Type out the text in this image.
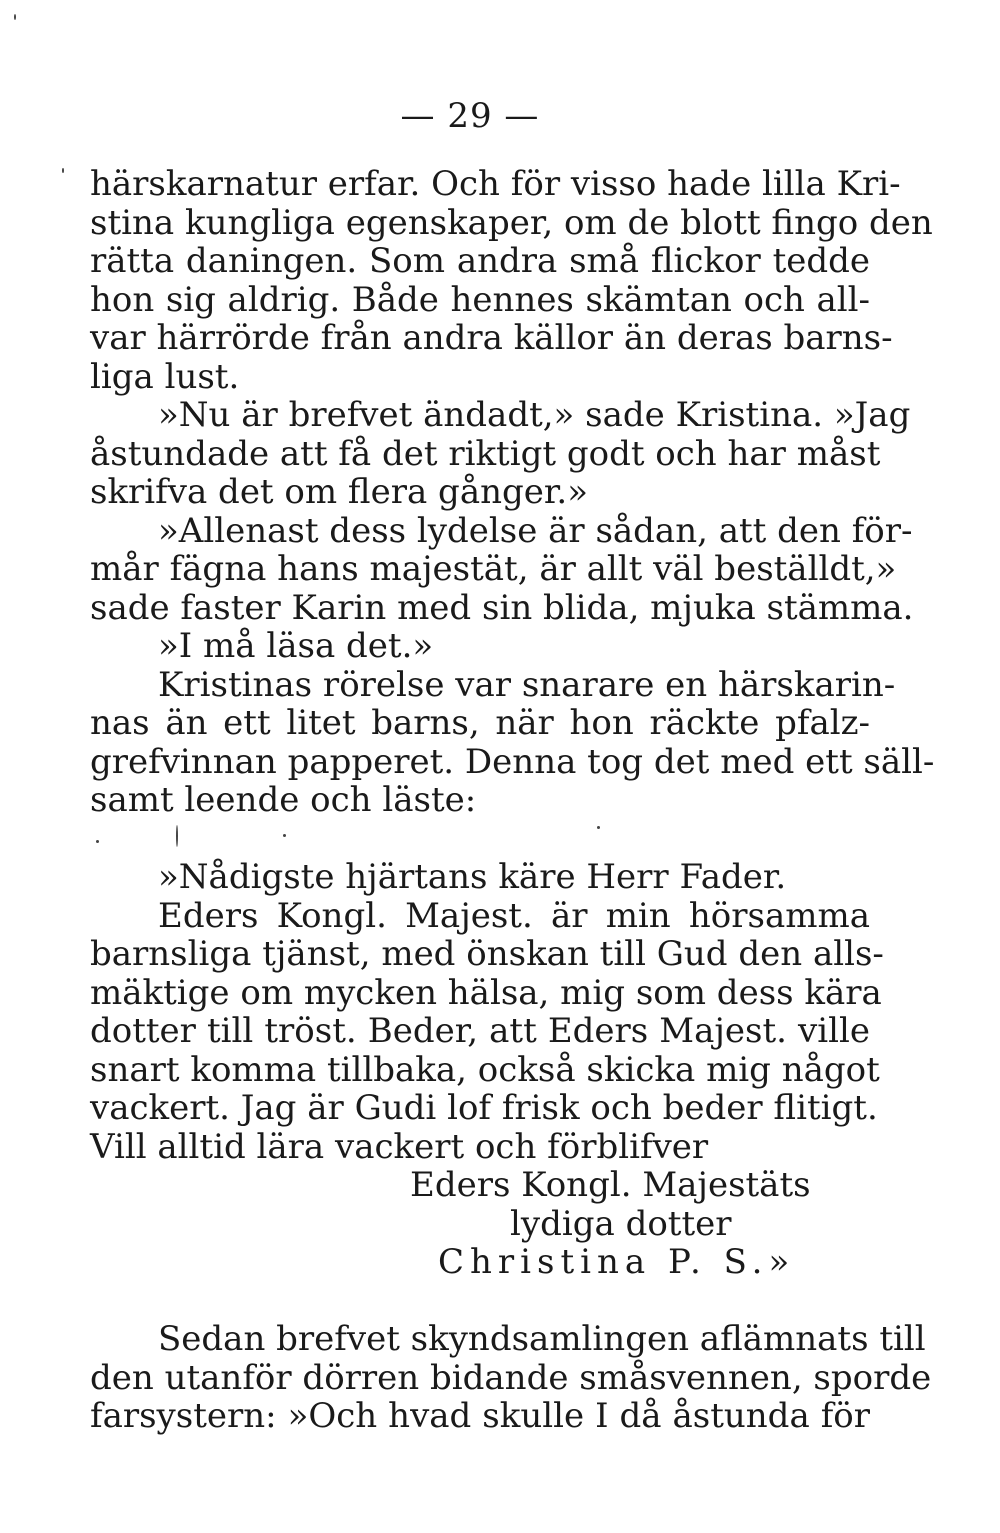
— 29 —
härskarnatur erfar. Och för visso hade lilla Kri-
stina kungliga egenskaper, om de blott fingo den
rätta daningen. Som andra små flickor tedde
hon sig aldrig. Både hennes skämtan och all-
var härrörde från andra källor än deras barns-
liga lust.
»Nu är brefvet ändadt,» sade Kristina. »Jag
åstundade att få det riktigt godt och har måst
skrifva det om flera gånger.»
»Allenast dess lydelse är sådan, att den för-
mår fägna hans majestät, är allt väl beställdt,»
sade faster Karin med sin blida, mjuka stämma.
»I må läsa det.»
Kristinas rörelse var snarare en härskarin-
nas än ett litet barns, när hon räckte pfalz-
grefvinnan papperet. Denna tog det med ett säll-
samt leende och läste:
»Nådigste hjärtans käre Herr Fader.
Eders Kongl. Majest. är min hörsamma
barnsliga tjänst, med önskan till Gud den alls-
mäktige om mycken hälsa, mig som dess kära
dotter till tröst. Beder, att Eders Majest. ville
snart komma tillbaka, också skicka mig något
vackert. Jag är Gudi lof frisk och beder flitigt.
Vill alltid lära vackert och förblifver
Eders Kongl. Majestäts
lydiga dotter
Christina P. S.»
Sedan brefvet skyndsamlingen aflämnats till
den utanför dörren bidande småsvennen, sporde
farsystern: »Och hvad skulle I då åstunda för
